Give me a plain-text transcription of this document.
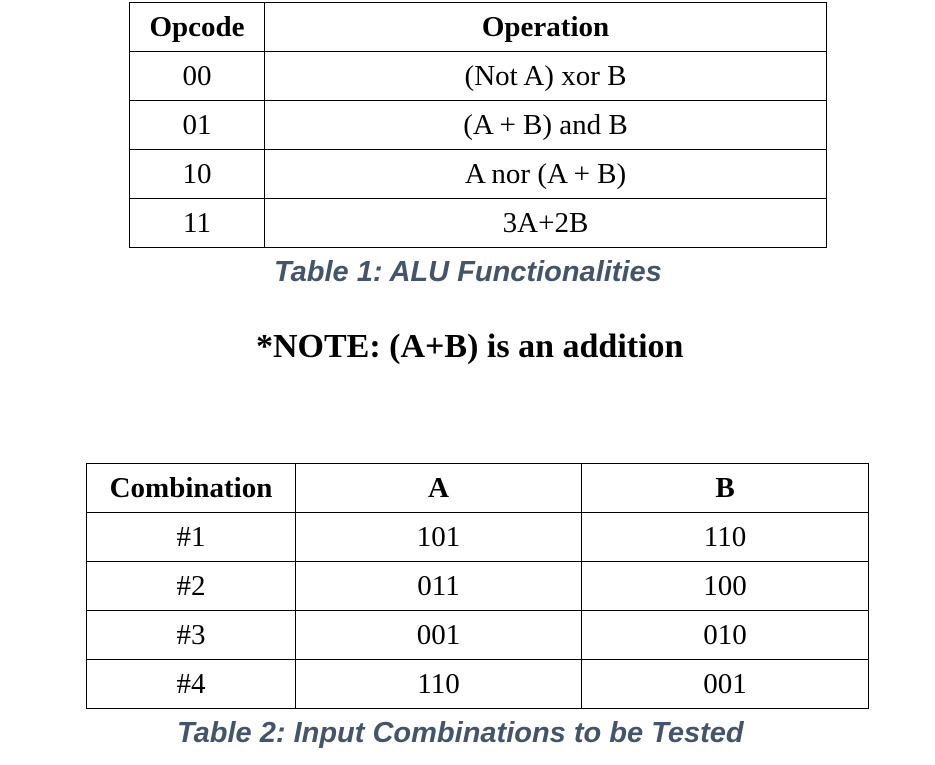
Opcode	Operation
00	(Not A) xor B
01	(A + B) and B
10	A nor (A + B)
11	3A+2B
Table 1: ALU Functionalities
*NOTE: (A+B) is an addition
Combination	A	B
#1	101	110
#2	011	100
#3	001	010
#4	110	001
Table 2: Input Combinations to be Tested
